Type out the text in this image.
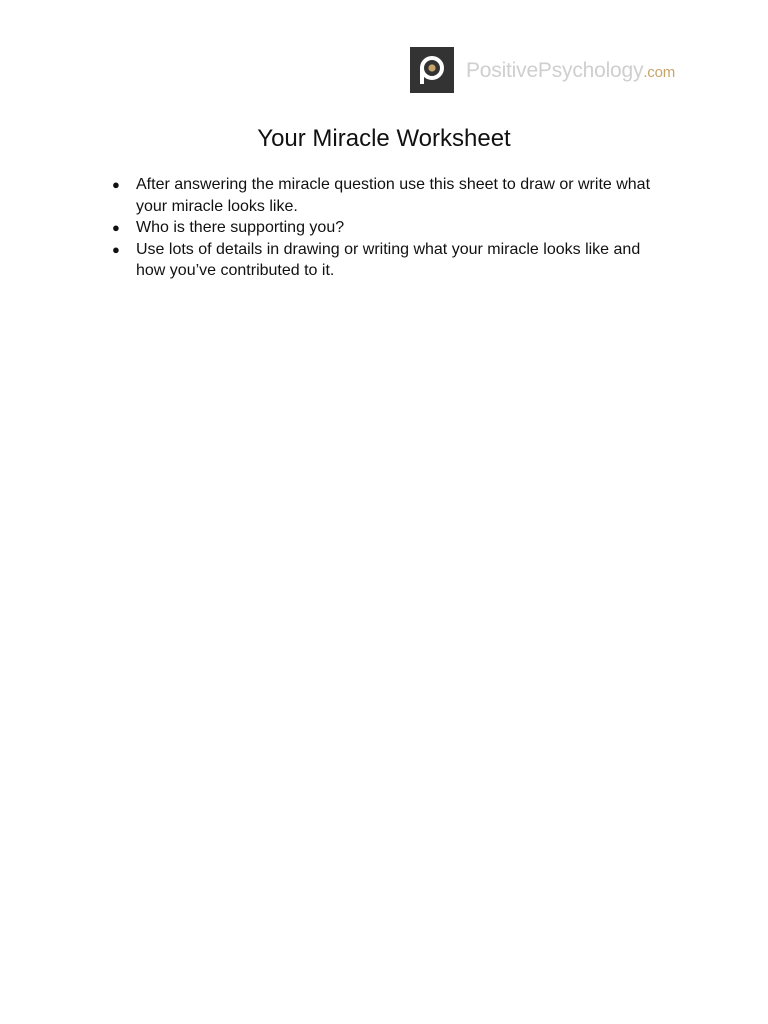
PositivePsychology.com
Your Miracle Worksheet
● After answering the miracle question use this sheet to draw or write what your miracle looks like.
● Who is there supporting you?
● Use lots of details in drawing or writing what your miracle looks like and how you’ve contributed to it.
